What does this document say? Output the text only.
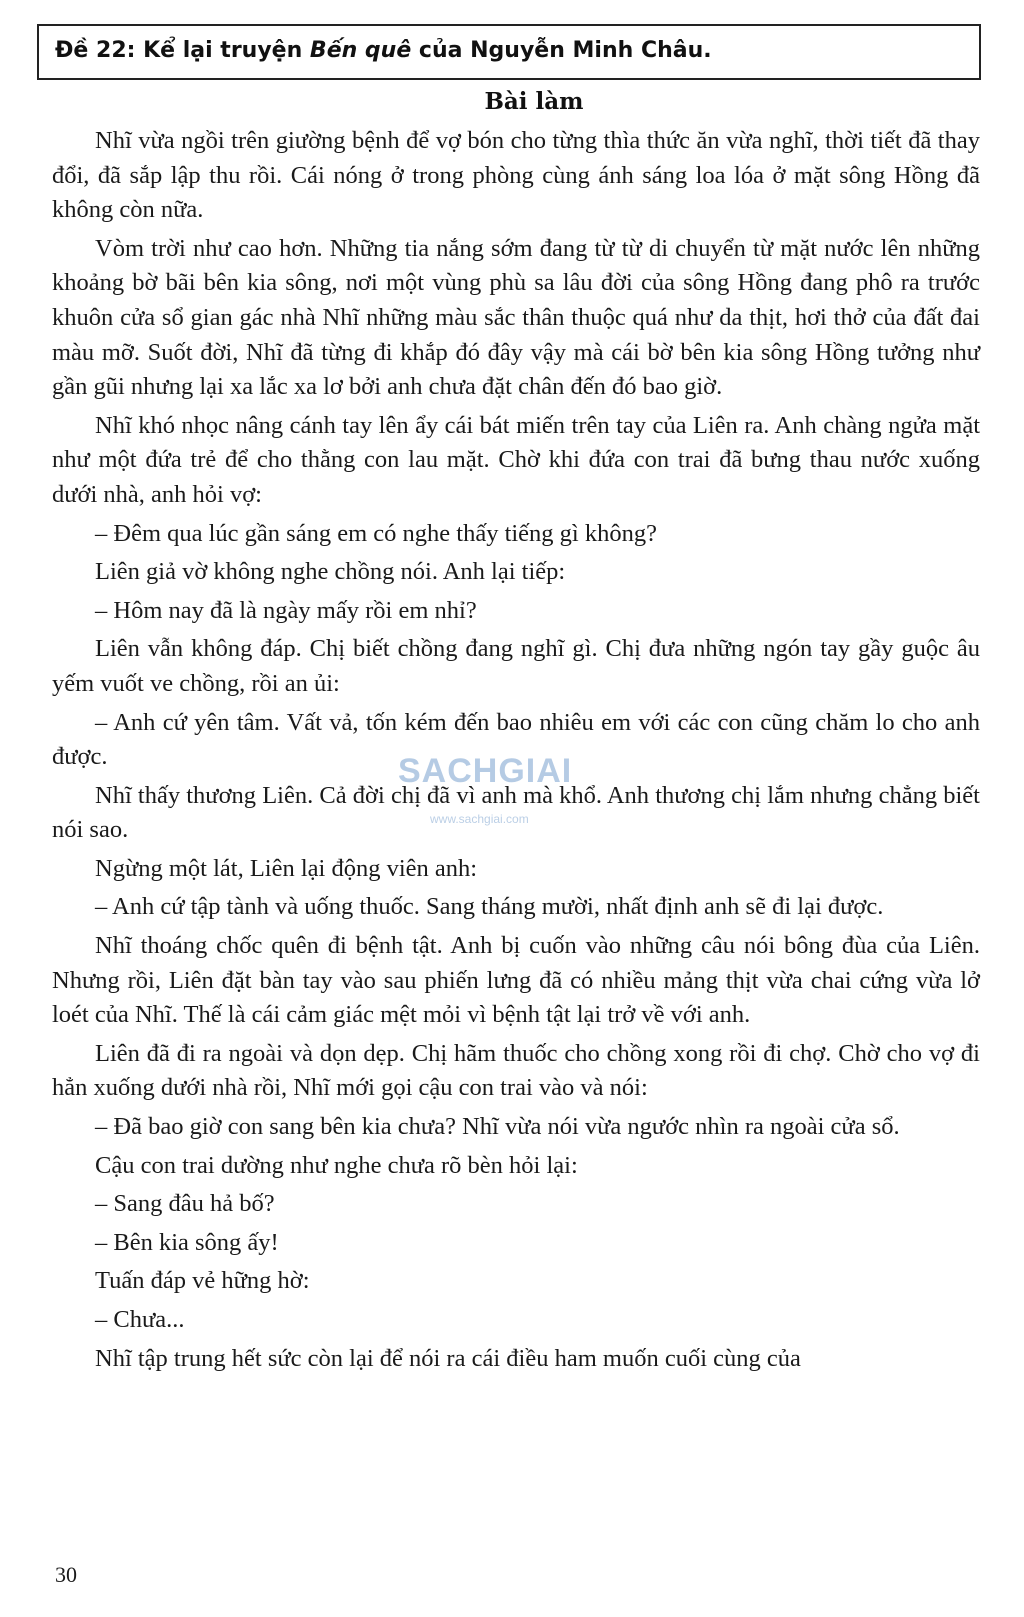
Đề 22: Kể lại truyện Bến quê của Nguyễn Minh Châu.
Bài làm

Nhĩ vừa ngồi trên giường bệnh để vợ bón cho từng thìa thức ăn vừa nghĩ, thời tiết đã thay đổi, đã sắp lập thu rồi. Cái nóng ở trong phòng cùng ánh sáng loa lóa ở mặt sông Hồng đã không còn nữa.

Vòm trời như cao hơn. Những tia nắng sớm đang từ từ di chuyển từ mặt nước lên những khoảng bờ bãi bên kia sông, nơi một vùng phù sa lâu đời của sông Hồng đang phô ra trước khuôn cửa sổ gian gác nhà Nhĩ những màu sắc thân thuộc quá như da thịt, hơi thở của đất đai màu mỡ. Suốt đời, Nhĩ đã từng đi khắp đó đây vậy mà cái bờ bên kia sông Hồng tưởng như gần gũi nhưng lại xa lắc xa lơ bởi anh chưa đặt chân đến đó bao giờ.

Nhĩ khó nhọc nâng cánh tay lên ẩy cái bát miến trên tay của Liên ra. Anh chàng ngửa mặt như một đứa trẻ để cho thằng con lau mặt. Chờ khi đứa con trai đã bưng thau nước xuống dưới nhà, anh hỏi vợ:

– Đêm qua lúc gần sáng em có nghe thấy tiếng gì không?

Liên giả vờ không nghe chồng nói. Anh lại tiếp:

– Hôm nay đã là ngày mấy rồi em nhỉ?

Liên vẫn không đáp. Chị biết chồng đang nghĩ gì. Chị đưa những ngón tay gầy guộc âu yếm vuốt ve chồng, rồi an ủi:

– Anh cứ yên tâm. Vất vả, tốn kém đến bao nhiêu em với các con cũng chăm lo cho anh được.

Nhĩ thấy thương Liên. Cả đời chị đã vì anh mà khổ. Anh thương chị lắm nhưng chẳng biết nói sao.

Ngừng một lát, Liên lại động viên anh:

– Anh cứ tập tành và uống thuốc. Sang tháng mười, nhất định anh sẽ đi lại được.

Nhĩ thoáng chốc quên đi bệnh tật. Anh bị cuốn vào những câu nói bông đùa của Liên. Nhưng rồi, Liên đặt bàn tay vào sau phiến lưng đã có nhiều mảng thịt vừa chai cứng vừa lở loét của Nhĩ. Thế là cái cảm giác mệt mỏi vì bệnh tật lại trở về với anh.

Liên đã đi ra ngoài và dọn dẹp. Chị hãm thuốc cho chồng xong rồi đi chợ. Chờ cho vợ đi hẳn xuống dưới nhà rồi, Nhĩ mới gọi cậu con trai vào và nói:

– Đã bao giờ con sang bên kia chưa? Nhĩ vừa nói vừa ngước nhìn ra ngoài cửa sổ.

Cậu con trai dường như nghe chưa rõ bèn hỏi lại:

– Sang đâu hả bố?

– Bên kia sông ấy!

Tuấn đáp vẻ hững hờ:

– Chưa...

Nhĩ tập trung hết sức còn lại để nói ra cái điều ham muốn cuối cùng của

SACHGIAI
www.sachgiai.com
30
